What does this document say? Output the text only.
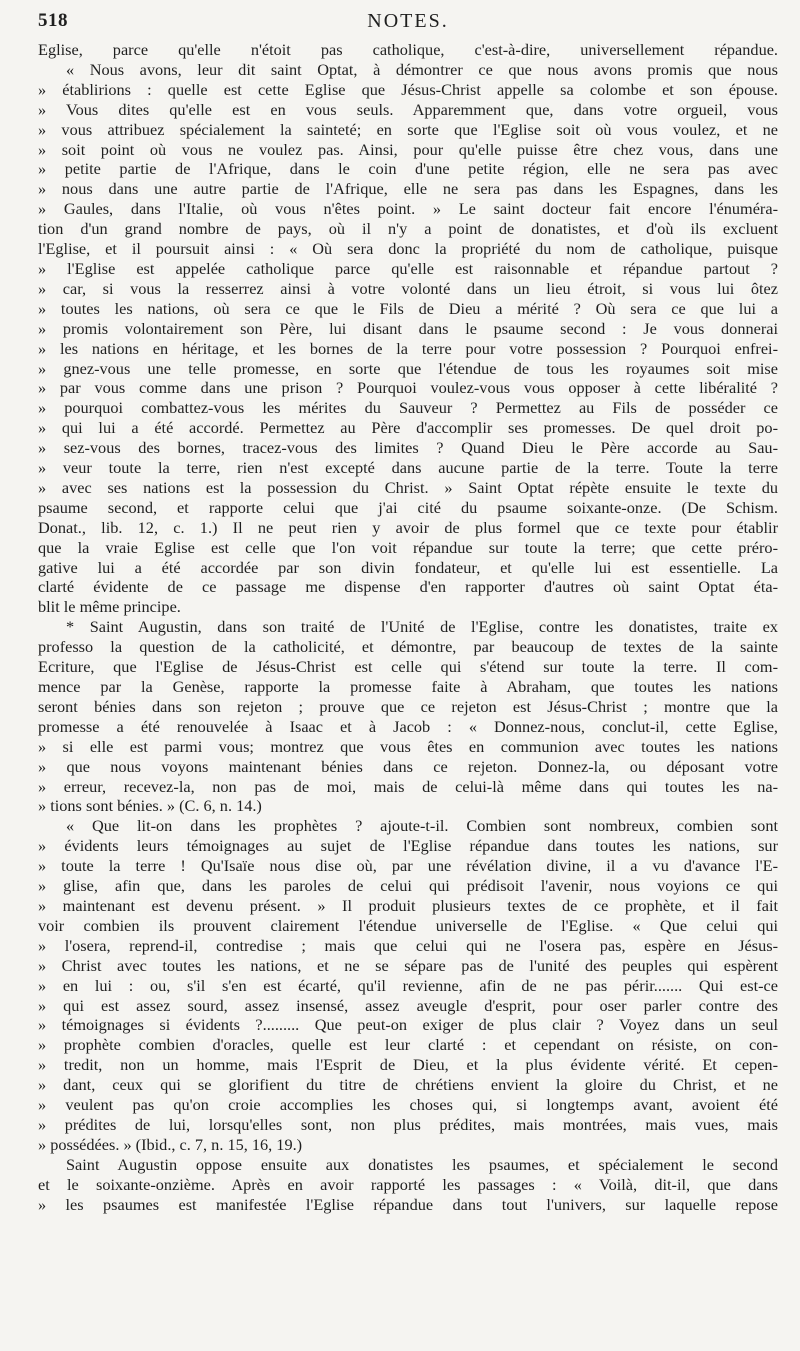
518	NOTES.
Eglise, parce qu'elle n'étoit pas catholique, c'est-à-dire, universellement répandue.
« Nous avons, leur dit saint Optat, à démontrer ce que nous avons promis que nous
» établirions : quelle est cette Eglise que Jésus-Christ appelle sa colombe et son épouse.
» Vous dites qu'elle est en vous seuls. Apparemment que, dans votre orgueil, vous
» vous attribuez spécialement la sainteté; en sorte que l'Eglise soit où vous voulez, et ne
» soit point où vous ne voulez pas. Ainsi, pour qu'elle puisse être chez vous, dans une
» petite partie de l'Afrique, dans le coin d'une petite région, elle ne sera pas avec
» nous dans une autre partie de l'Afrique, elle ne sera pas dans les Espagnes, dans les
» Gaules, dans l'Italie, où vous n'êtes point. » Le saint docteur fait encore l'énuméra-
tion d'un grand nombre de pays, où il n'y a point de donatistes, et d'où ils excluent
l'Eglise, et il poursuit ainsi : « Où sera donc la propriété du nom de catholique, puisque
» l'Eglise est appelée catholique parce qu'elle est raisonnable et répandue partout ?
» car, si vous la resserrez ainsi à votre volonté dans un lieu étroit, si vous lui ôtez
» toutes les nations, où sera ce que le Fils de Dieu a mérité ? Où sera ce que lui a
» promis volontairement son Père, lui disant dans le psaume second : Je vous donnerai
» les nations en héritage, et les bornes de la terre pour votre possession ? Pourquoi enfrei-
» gnez-vous une telle promesse, en sorte que l'étendue de tous les royaumes soit mise
» par vous comme dans une prison ? Pourquoi voulez-vous vous opposer à cette libéralité ?
» pourquoi combattez-vous les mérites du Sauveur ? Permettez au Fils de posséder ce
» qui lui a été accordé. Permettez au Père d'accomplir ses promesses. De quel droit po-
» sez-vous des bornes, tracez-vous des limites ? Quand Dieu le Père accorde au Sau-
» veur toute la terre, rien n'est excepté dans aucune partie de la terre. Toute la terre
» avec ses nations est la possession du Christ. » Saint Optat répète ensuite le texte du
psaume second, et rapporte celui que j'ai cité du psaume soixante-onze. (De Schism.
Donat., lib. 12, c. 1.) Il ne peut rien y avoir de plus formel que ce texte pour établir
que la vraie Eglise est celle que l'on voit répandue sur toute la terre; que cette préro-
gative lui a été accordée par son divin fondateur, et qu'elle lui est essentielle. La
clarté évidente de ce passage me dispense d'en rapporter d'autres où saint Optat éta-
blit le même principe.
* Saint Augustin, dans son traité de l'Unité de l'Eglise, contre les donatistes, traite ex
professo la question de la catholicité, et démontre, par beaucoup de textes de la sainte
Ecriture, que l'Eglise de Jésus-Christ est celle qui s'étend sur toute la terre. Il com-
mence par la Genèse, rapporte la promesse faite à Abraham, que toutes les nations
seront bénies dans son rejeton ; prouve que ce rejeton est Jésus-Christ ; montre que la
promesse a été renouvelée à Isaac et à Jacob : « Donnez-nous, conclut-il, cette Eglise,
» si elle est parmi vous; montrez que vous êtes en communion avec toutes les nations
» que nous voyons maintenant bénies dans ce rejeton. Donnez-la, ou déposant votre
» erreur, recevez-la, non pas de moi, mais de celui-là même dans qui toutes les na-
» tions sont bénies. » (C. 6, n. 14.)
« Que lit-on dans les prophètes ? ajoute-t-il. Combien sont nombreux, combien sont
» évidents leurs témoignages au sujet de l'Eglise répandue dans toutes les nations, sur
» toute la terre ! Qu'Isaïe nous dise où, par une révélation divine, il a vu d'avance l'E-
» glise, afin que, dans les paroles de celui qui prédisoit l'avenir, nous voyions ce qui
» maintenant est devenu présent. » Il produit plusieurs textes de ce prophète, et il fait
voir combien ils prouvent clairement l'étendue universelle de l'Eglise. « Que celui qui
» l'osera, reprend-il, contredise ; mais que celui qui ne l'osera pas, espère en Jésus-
» Christ avec toutes les nations, et ne se sépare pas de l'unité des peuples qui espèrent
» en lui : ou, s'il s'en est écarté, qu'il revienne, afin de ne pas périr....... Qui est-ce
» qui est assez sourd, assez insensé, assez aveugle d'esprit, pour oser parler contre des
» témoignages si évidents ?......... Que peut-on exiger de plus clair ? Voyez dans un seul
» prophète combien d'oracles, quelle est leur clarté : et cependant on résiste, on con-
» tredit, non un homme, mais l'Esprit de Dieu, et la plus évidente vérité. Et cepen-
» dant, ceux qui se glorifient du titre de chrétiens envient la gloire du Christ, et ne
» veulent pas qu'on croie accomplies les choses qui, si longtemps avant, avoient été
» prédites de lui, lorsqu'elles sont, non plus prédites, mais montrées, mais vues, mais
» possédées. » (Ibid., c. 7, n. 15, 16, 19.)
Saint Augustin oppose ensuite aux donatistes les psaumes, et spécialement le second
et le soixante-onzième. Après en avoir rapporté les passages : « Voilà, dit-il, que dans
» les psaumes est manifestée l'Eglise répandue dans tout l'univers, sur laquelle repose
